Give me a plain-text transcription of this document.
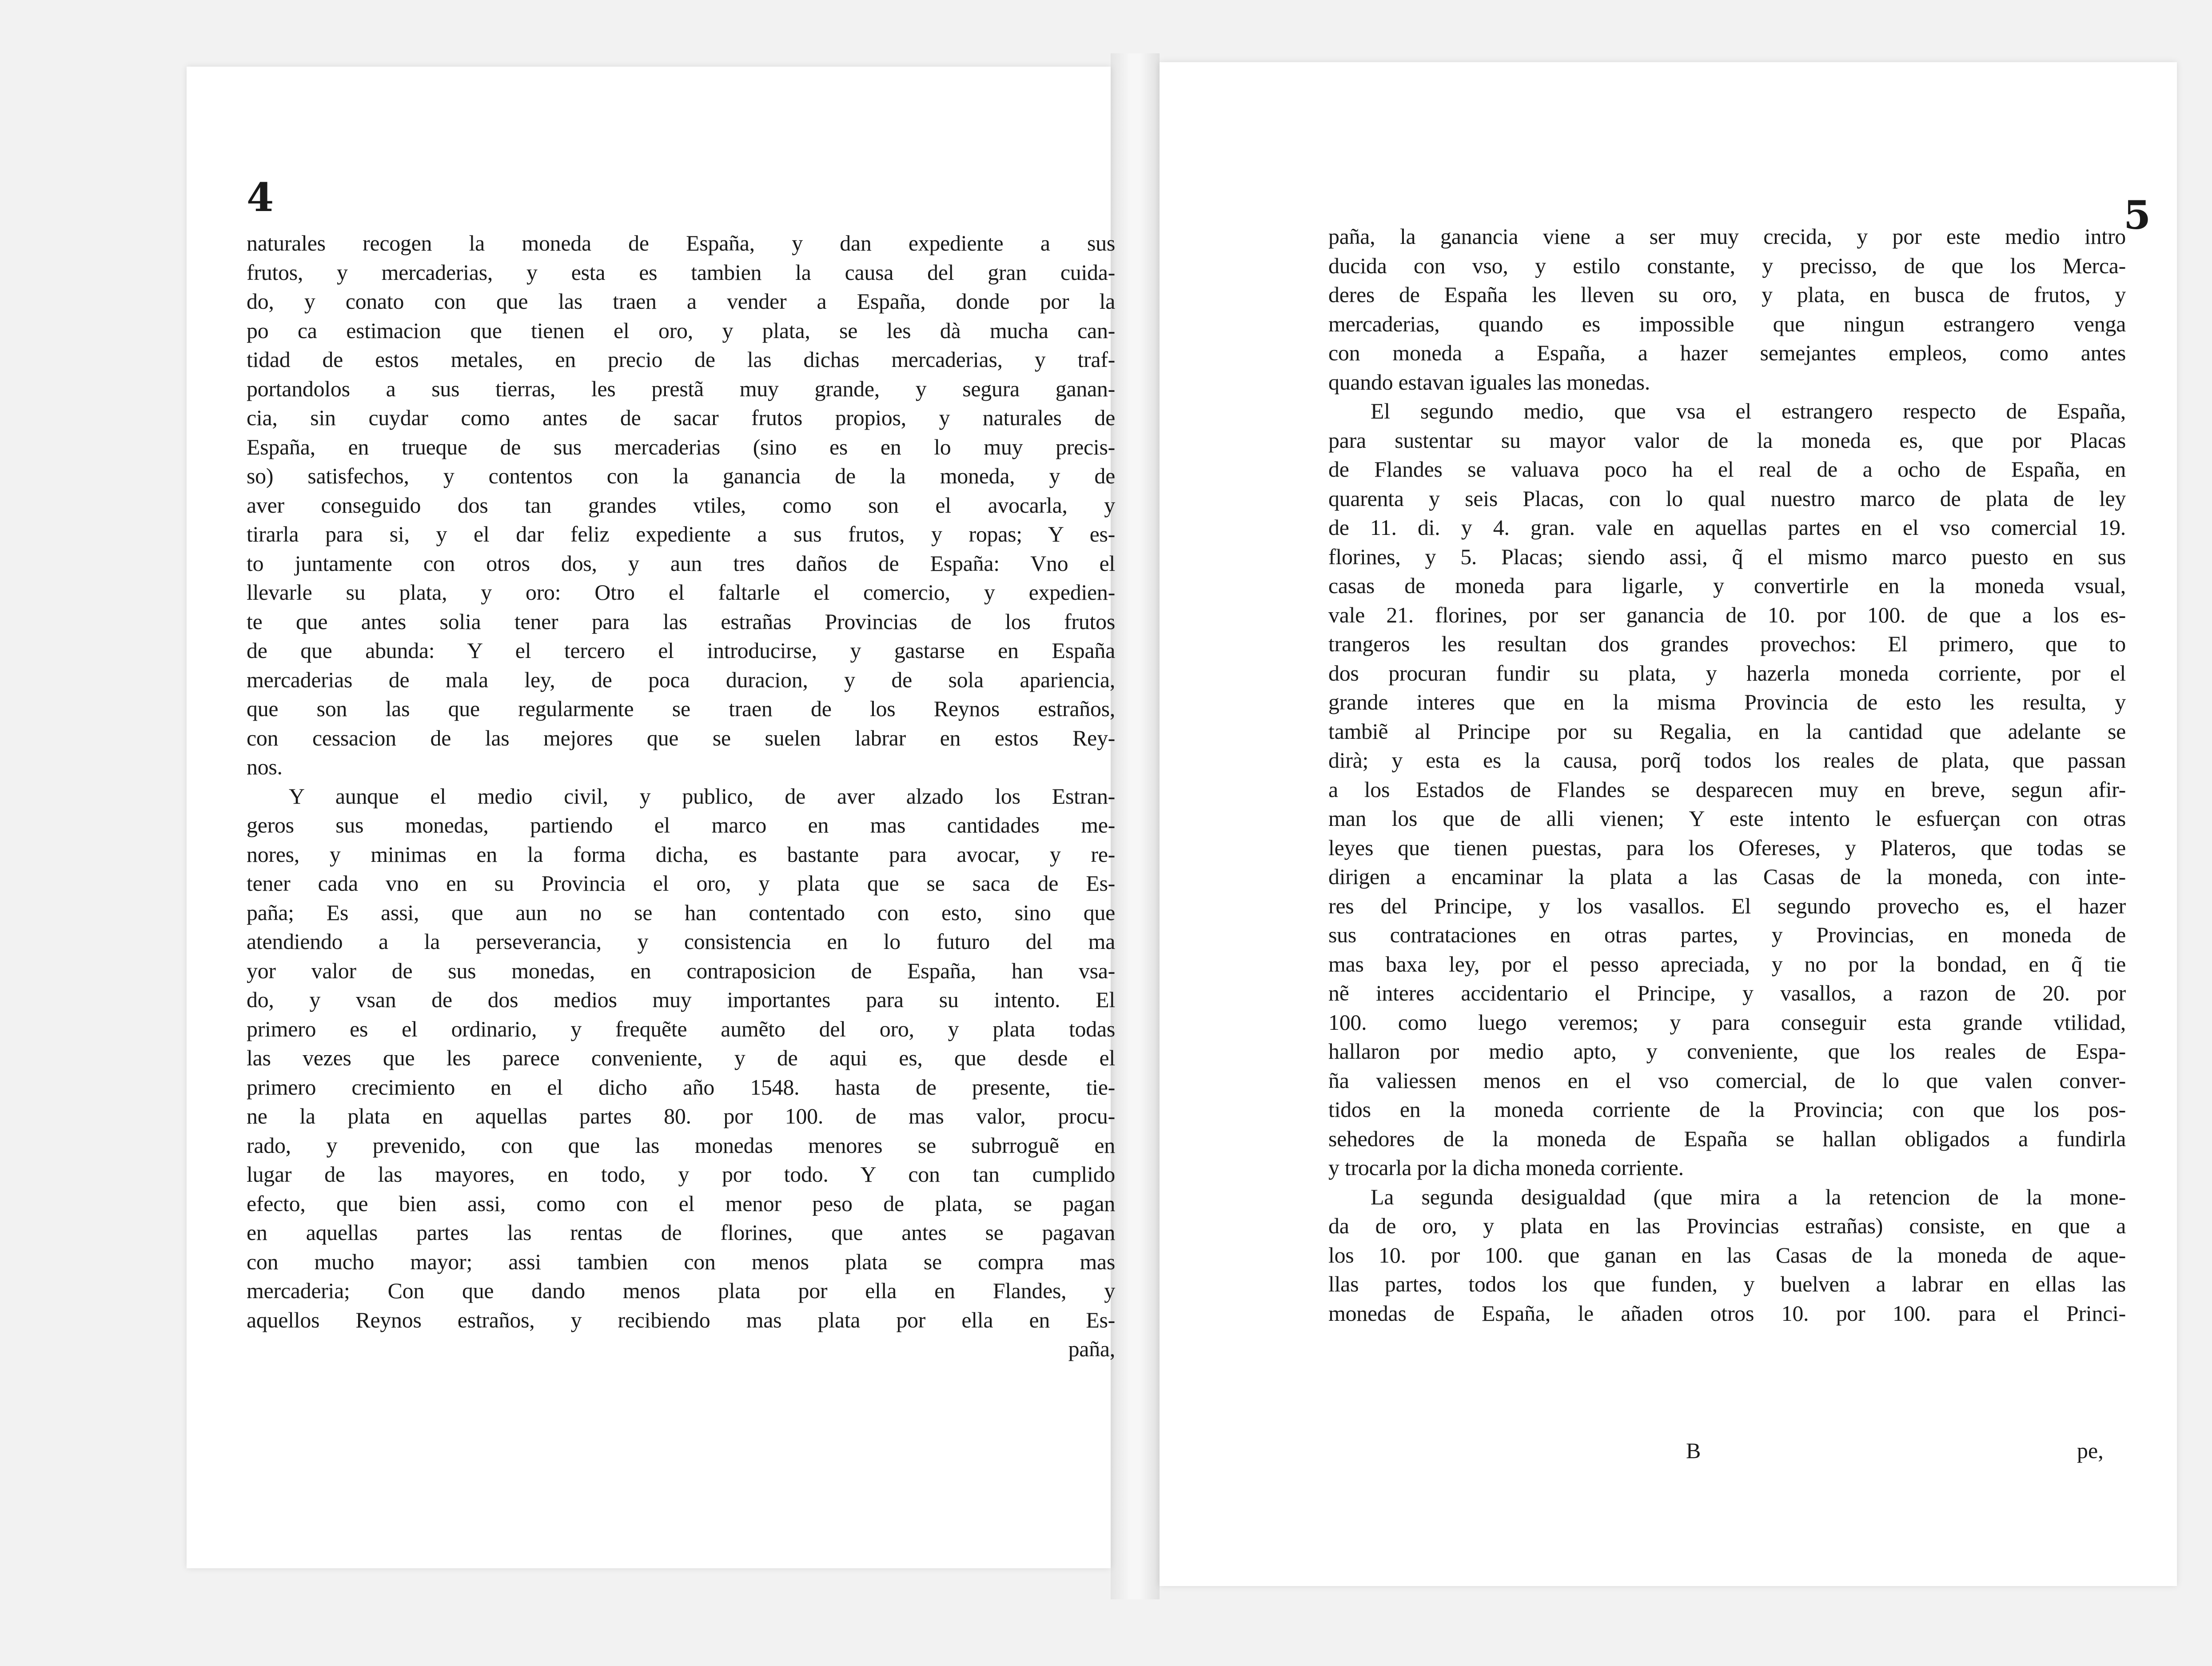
4
naturales recogen la moneda de España, y dan expediente a sus
frutos, y mercaderias, y esta es tambien la causa del gran cuida-
do, y conato con que las traen a vender a España, donde por la
po ca estimacion que tienen el oro, y plata, se les dà mucha can-
tidad de estos metales, en precio de las dichas mercaderias, y traf-
portandolos a sus tierras, les prestã muy grande, y segura ganan-
cia, sin cuydar como antes de sacar frutos propios, y naturales de
España, en trueque de sus mercaderias (sino es en lo muy precis-
so) satisfechos, y contentos con la ganancia de la moneda, y de
aver conseguido dos tan grandes vtiles, como son el avocarla, y
tirarla para si, y el dar feliz expediente a sus frutos, y ropas; Y es-
to juntamente con otros dos, y aun tres daños de España: Vno el
llevarle su plata, y oro: Otro el faltarle el comercio, y expedien-
te que antes solia tener para las estrañas Provincias de los frutos
de que abunda: Y el tercero el introducirse, y gastarse en España
mercaderias de mala ley, de poca duracion, y de sola apariencia,
que son las que regularmente se traen de los Reynos estraños,
con cessacion de las mejores que se suelen labrar en estos Rey-
nos.
Y aunque el medio civil, y publico, de aver alzado los Estran-
geros sus monedas, partiendo el marco en mas cantidades me-
nores, y minimas en la forma dicha, es bastante para avocar, y re-
tener cada vno en su Provincia el oro, y plata que se saca de Es-
paña; Es assi, que aun no se han contentado con esto, sino que
atendiendo a la perseverancia, y consistencia en lo futuro del ma
yor valor de sus monedas, en contraposicion de España, han vsa-
do, y vsan de dos medios muy importantes para su intento. El
primero es el ordinario, y frequẽte aumẽto del oro, y plata todas
las vezes que les parece conveniente, y de aqui es, que desde el
primero crecimiento en el dicho año 1548. hasta de presente, tie-
ne la plata en aquellas partes 80. por 100. de mas valor, procu-
rado, y prevenido, con que las monedas menores se subrroguẽ en
lugar de las mayores, en todo, y por todo. Y con tan cumplido
efecto, que bien assi, como con el menor peso de plata, se pagan
en aquellas partes las rentas de florines, que antes se pagavan
con mucho mayor; assi tambien con menos plata se compra mas
mercaderia; Con que dando menos plata por ella en Flandes, y
aquellos Reynos estraños, y recibiendo mas plata por ella en Es-
paña,
5
paña, la ganancia viene a ser muy crecida, y por este medio intro
ducida con vso, y estilo constante, y precisso, de que los Merca-
deres de España les lleven su oro, y plata, en busca de frutos, y
mercaderias, quando es impossible que ningun estrangero venga
con moneda a España, a hazer semejantes empleos, como antes
quando estavan iguales las monedas.
El segundo medio, que vsa el estrangero respecto de España,
para sustentar su mayor valor de la moneda es, que por Placas
de Flandes se valuava poco ha el real de a ocho de España, en
quarenta y seis Placas, con lo qual nuestro marco de plata de ley
de 11. di. y 4. gran. vale en aquellas partes en el vso comercial 19.
florines, y 5. Placas; siendo assi, q̃ el mismo marco puesto en sus
casas de moneda para ligarle, y convertirle en la moneda vsual,
vale 21. florines, por ser ganancia de 10. por 100. de que a los es-
trangeros les resultan dos grandes provechos: El primero, que to
dos procuran fundir su plata, y hazerla moneda corriente, por el
grande interes que en la misma Provincia de esto les resulta, y
tambiẽ al Principe por su Regalia, en la cantidad que adelante se
dirà; y esta es la causa, porq̃ todos los reales de plata, que passan
a los Estados de Flandes se desparecen muy en breve, segun afir-
man los que de alli vienen; Y este intento le esfuerçan con otras
leyes que tienen puestas, para los Ofereses, y Plateros, que todas se
dirigen a encaminar la plata a las Casas de la moneda, con inte-
res del Principe, y los vasallos. El segundo provecho es, el hazer
sus contrataciones en otras partes, y Provincias, en moneda de
mas baxa ley, por el pesso apreciada, y no por la bondad, en q̃ tie
nẽ interes accidentario el Principe, y vasallos, a razon de 20. por
100. como luego veremos; y para conseguir esta grande vtilidad,
hallaron por medio apto, y conveniente, que los reales de Espa-
ña valiessen menos en el vso comercial, de lo que valen conver-
tidos en la moneda corriente de la Provincia; con que los pos-
sehedores de la moneda de España se hallan obligados a fundirla
y trocarla por la dicha moneda corriente.
La segunda desigualdad (que mira a la retencion de la mone-
da de oro, y plata en las Provincias estrañas) consiste, en que a
los 10. por 100. que ganan en las Casas de la moneda de aque-
llas partes, todos los que funden, y buelven a labrar en ellas las
monedas de España, le añaden otros 10. por 100. para el Princi-
B	pe,
